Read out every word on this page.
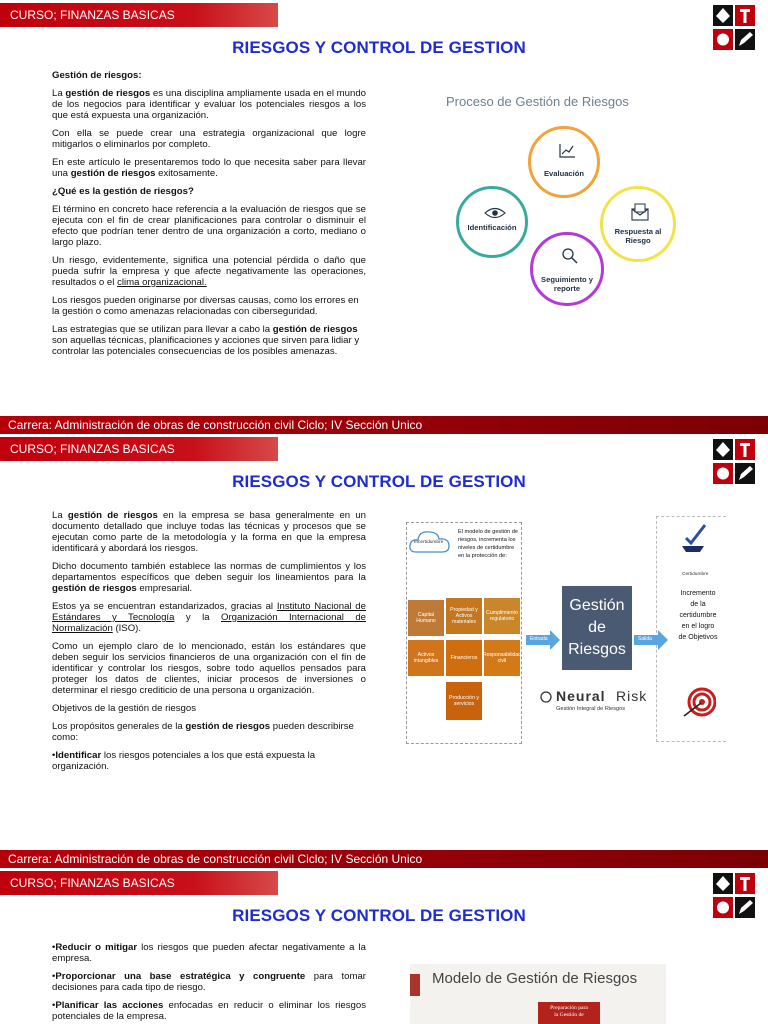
CURSO; FINANZAS BASICAS
RIESGOS Y CONTROL DE GESTION

Gestión de riesgos:

La gestión de riesgos es una disciplina ampliamente usada en el mundo de los negocios para identificar y evaluar los potenciales riesgos a los que está expuesta una organización.

Con ella se puede crear una estrategia organizacional que logre mitigarlos o eliminarlos por completo.

En este artículo le presentaremos todo lo que necesita saber para llevar una gestión de riesgos exitosamente.

¿Qué es la gestión de riesgos?

El término en concreto hace referencia a la evaluación de riesgos que se ejecuta con el fin de crear planificaciones para controlar o disminuir el efecto que podrían tener dentro de una organización a corto, mediano o largo plazo.

Un riesgo, evidentemente, significa una potencial pérdida o daño que pueda sufrir la empresa y que afecte negativamente las operaciones, resultados o el clima organizacional.

Los riesgos pueden originarse por diversas causas, como los errores en la gestión o como amenazas relacionadas con ciberseguridad.

Las estrategias que se utilizan para llevar a cabo la gestión de riesgos son aquellas técnicas, planificaciones y acciones que sirven para lidiar y controlar las potenciales consecuencias de los posibles amenazas.

Proceso de Gestión de Riesgos
Evaluación
Identificación	Respuesta al
Riesgo
Seguimiento y
reporte
Carrera: Administración de obras de construcción civil Ciclo; IV Sección Unico
CURSO; FINANZAS BASICAS
RIESGOS Y CONTROL DE GESTION

La gestión de riesgos en la empresa se basa generalmente en un documento detallado que incluye todas las técnicas y procesos que se ejecutan como parte de la metodología y la forma en que la empresa identificará y abordará los riesgos.

Dicho documento también establece las normas de cumplimientos y los departamentos específicos que deben seguir los lineamientos para la gestión de riesgos empresarial.

Estos ya se encuentran estandarizados, gracias al Instituto Nacional de Estándares y Tecnología y la Organización Internacional de Normalización (ISO).

Como un ejemplo claro de lo mencionado, están los estándares que deben seguir los servicios financieros de una organización con el fin de identificar y controlar los riesgos, sobre todo aquellos pensados para proteger los datos de clientes, iniciar procesos de inversiones o determinar el riesgo crediticio de una persona u organización.

Objetivos de la gestión de riesgos

Los propósitos generales de la gestión de riesgos pueden describirse como:

•Identificar los riesgos potenciales a los que está expuesta la organización.

Incertidumbre
El modelo de gestión de
riesgos, incrementa los
niveles de certidumbre
en la protección de:
Capital Humano
Propiedad y
Activos
materiales
Cumplimiento
regulatorio
Activos
intangibles Financieros Responsabilidad
civil
Producción y
servicios
Entrada
Gestión de
Riesgos
Salida
Certidumbre
Incremento
de la
certidumbre
en el logro
de Objetivos
Neural Risk
Gestión Integral de Riesgos
Carrera: Administración de obras de construcción civil Ciclo; IV Sección Unico
CURSO; FINANZAS BASICAS
RIESGOS Y CONTROL DE GESTION

•Reducir o mitigar los riesgos que pueden afectar negativamente a la empresa.

•Proporcionar una base estratégica y congruente para tomar decisiones para cada tipo de riesgo.

•Planificar las acciones enfocadas en reducir o eliminar los riesgos potenciales de la empresa.

Modelo de Gestión de Riesgos
Preparación para
la Gestión de
